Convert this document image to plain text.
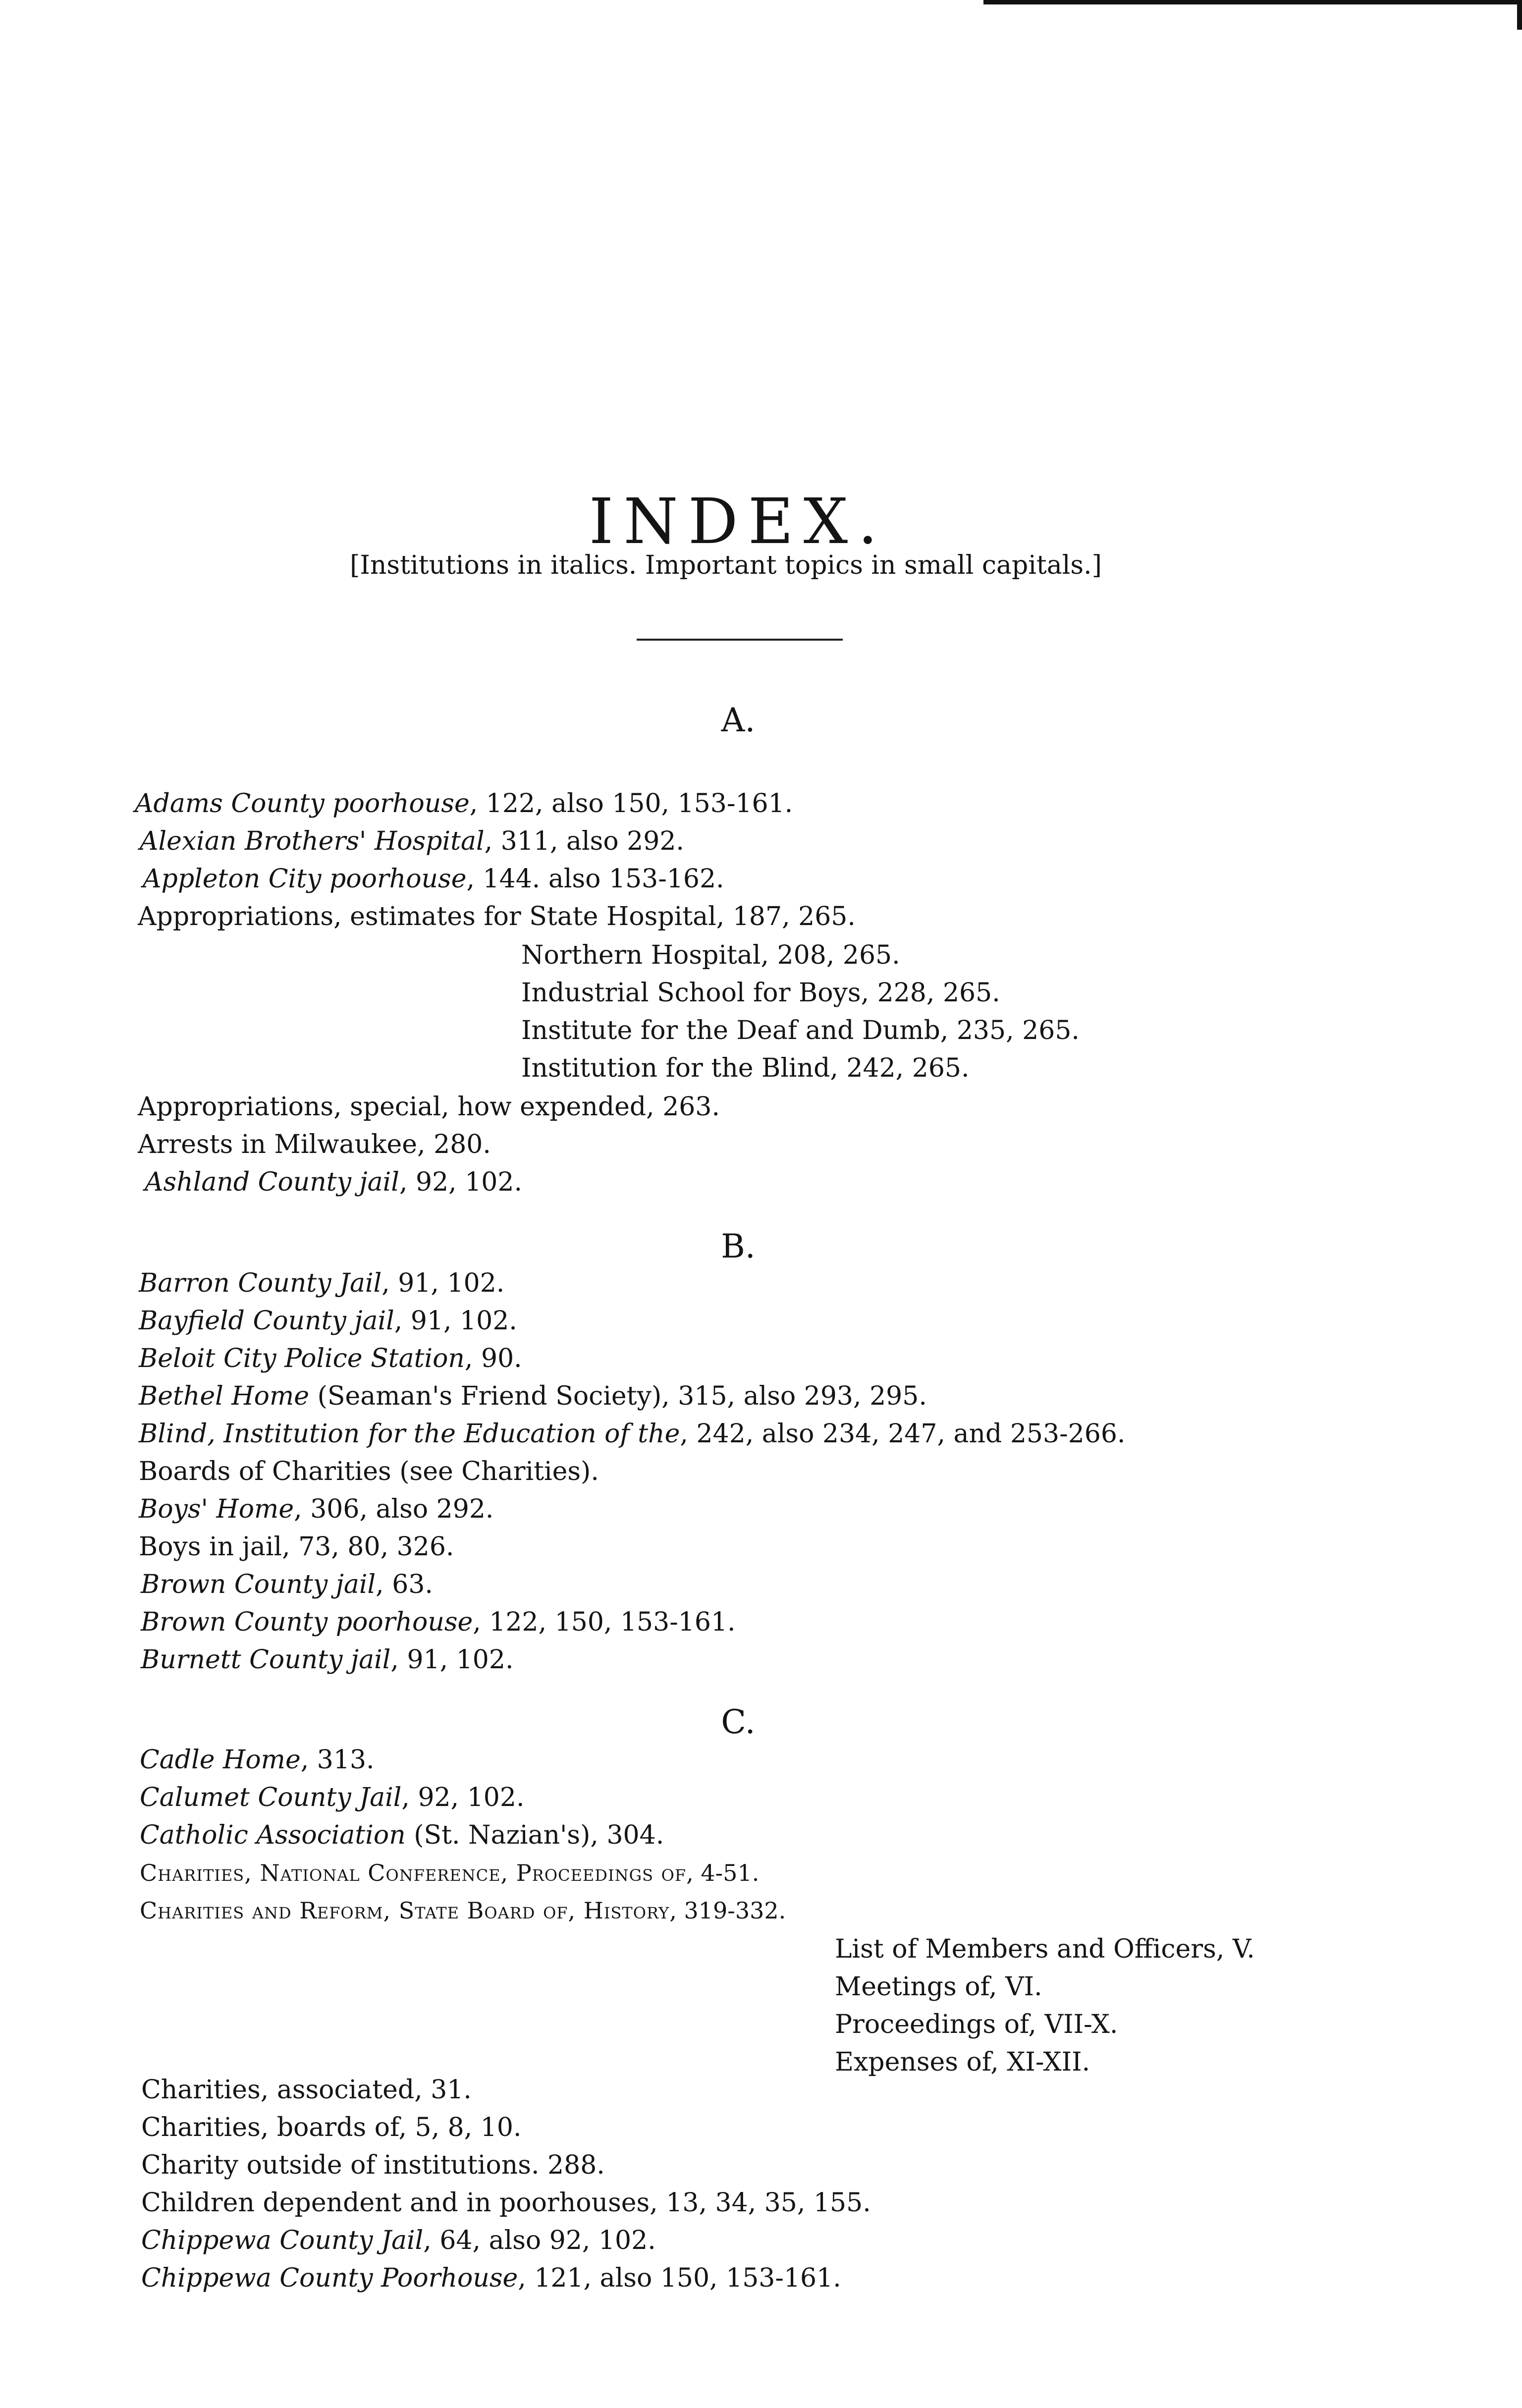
INDEX.
[Institutions in italics. Important topics in small capitals.]
A.
Adams County poorhouse, 122, also 150, 153-161.
Alexian Brothers' Hospital, 311, also 292.
Appleton City poorhouse, 144. also 153-162.
Appropriations, estimates for State Hospital, 187, 265.
Northern Hospital, 208, 265.
Industrial School for Boys, 228, 265.
Institute for the Deaf and Dumb, 235, 265.
Institution for the Blind, 242, 265.
Appropriations, special, how expended, 263.
Arrests in Milwaukee, 280.
Ashland County jail, 92, 102.
B.
Barron County Jail, 91, 102.
Bayfield County jail, 91, 102.
Beloit City Police Station, 90.
Bethel Home (Seaman's Friend Society), 315, also 293, 295.
Blind, Institution for the Education of the, 242, also 234, 247, and 253-266.
Boards of Charities (see Charities).
Boys' Home, 306, also 292.
Boys in jail, 73, 80, 326.
Brown County jail, 63.
Brown County poorhouse, 122, 150, 153-161.
Burnett County jail, 91, 102.
C.
Cadle Home, 313.
Calumet County Jail, 92, 102.
Catholic Association (St. Nazian's), 304.
Charities, National Conference, Proceedings of, 4-51.
Charities and Reform, State Board of, History, 319-332.
List of Members and Officers, V.
Meetings of, VI.
Proceedings of, VII-X.
Expenses of, XI-XII.
Charities, associated, 31.
Charities, boards of, 5, 8, 10.
Charity outside of institutions. 288.
Children dependent and in poorhouses, 13, 34, 35, 155.
Chippewa County Jail, 64, also 92, 102.
Chippewa County Poorhouse, 121, also 150, 153-161.
